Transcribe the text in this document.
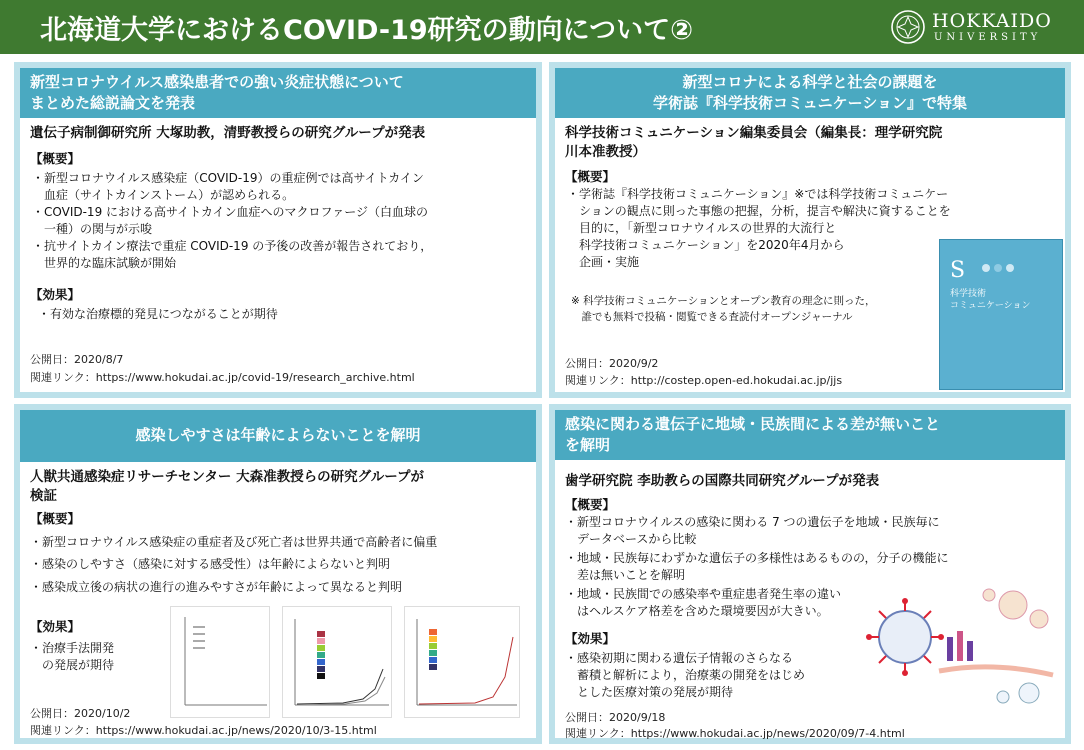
北海道大学におけるCOVID-19研究の動向について②	HOKKAIDO
UNIVERSITY
新型コロナウイルス感染患者での強い炎症状態について
まとめた総説論文を発表
遺伝子病制御研究所 大塚助教，清野教授らの研究グループが発表
【概要】
・新型コロナウイルス感染症（COVID-19）の重症例では高サイトカイン
　血症（サイトカインストーム）が認められる。
・COVID-19 における高サイトカイン血症へのマクロファージ（白血球の
　一種）の関与が示唆
・抗サイトカイン療法で重症 COVID-19 の予後の改善が報告されており，
　世界的な臨床試験が開始
【効果】
・有効な治療標的発見につながることが期待
公開日：2020/8/7
関連リンク：https://www.hokudai.ac.jp/covid-19/research_archive.html
新型コロナによる科学と社会の課題を
学術誌『科学技術コミュニケーション』で特集
科学技術コミュニケーション編集委員会（編集長：理学研究院
川本准教授）
【概要】
・学術誌『科学技術コミュニケーション』※では科学技術コミュニケー
　ションの観点に則った事態の把握，分析，提言や解決に資することを
　目的に，「新型コロナウイルスの世界的大流行と
　科学技術コミュニケーション」を2020年4月から
　企画・実施
※ 科学技術コミュニケーションとオープン教育の理念に則った，
　誰でも無料で投稿・閲覧できる査読付オープンジャーナル
S
科学技術
コミュニケーション
公開日：2020/9/2
関連リンク：http://costep.open-ed.hokudai.ac.jp/jjs
感染しやすさは年齢によらないことを解明
人獣共通感染症リサーチセンター 大森准教授らの研究グループが
検証
【概要】
・新型コロナウイルス感染症の重症者及び死亡者は世界共通で高齢者に偏重
・感染のしやすさ（感染に対する感受性）は年齢によらないと判明
・感染成立後の病状の進行の進みやすさが年齢によって異なると判明
【効果】
・治療手法開発
　の発展が期待
公開日：2020/10/2
関連リンク：https://www.hokudai.ac.jp/news/2020/10/3-15.html
感染に関わる遺伝子に地域・民族間による差が無いこと
を解明
歯学研究院 李助教らの国際共同研究グループが発表
【概要】
・新型コロナウイルスの感染に関わる 7 つの遺伝子を地域・民族毎に
　データベースから比較
・地域・民族毎にわずかな遺伝子の多様性はあるものの，分子の機能に
　差は無いことを解明
・地域・民族間での感染率や重症患者発生率の違い
　はヘルスケア格差を含めた環境要因が大きい。
【効果】
・感染初期に関わる遺伝子情報のさらなる
　蓄積と解析により，治療薬の開発をはじめ
　とした医療対策の発展が期待
公開日：2020/9/18
関連リンク：https://www.hokudai.ac.jp/news/2020/09/7-4.html
